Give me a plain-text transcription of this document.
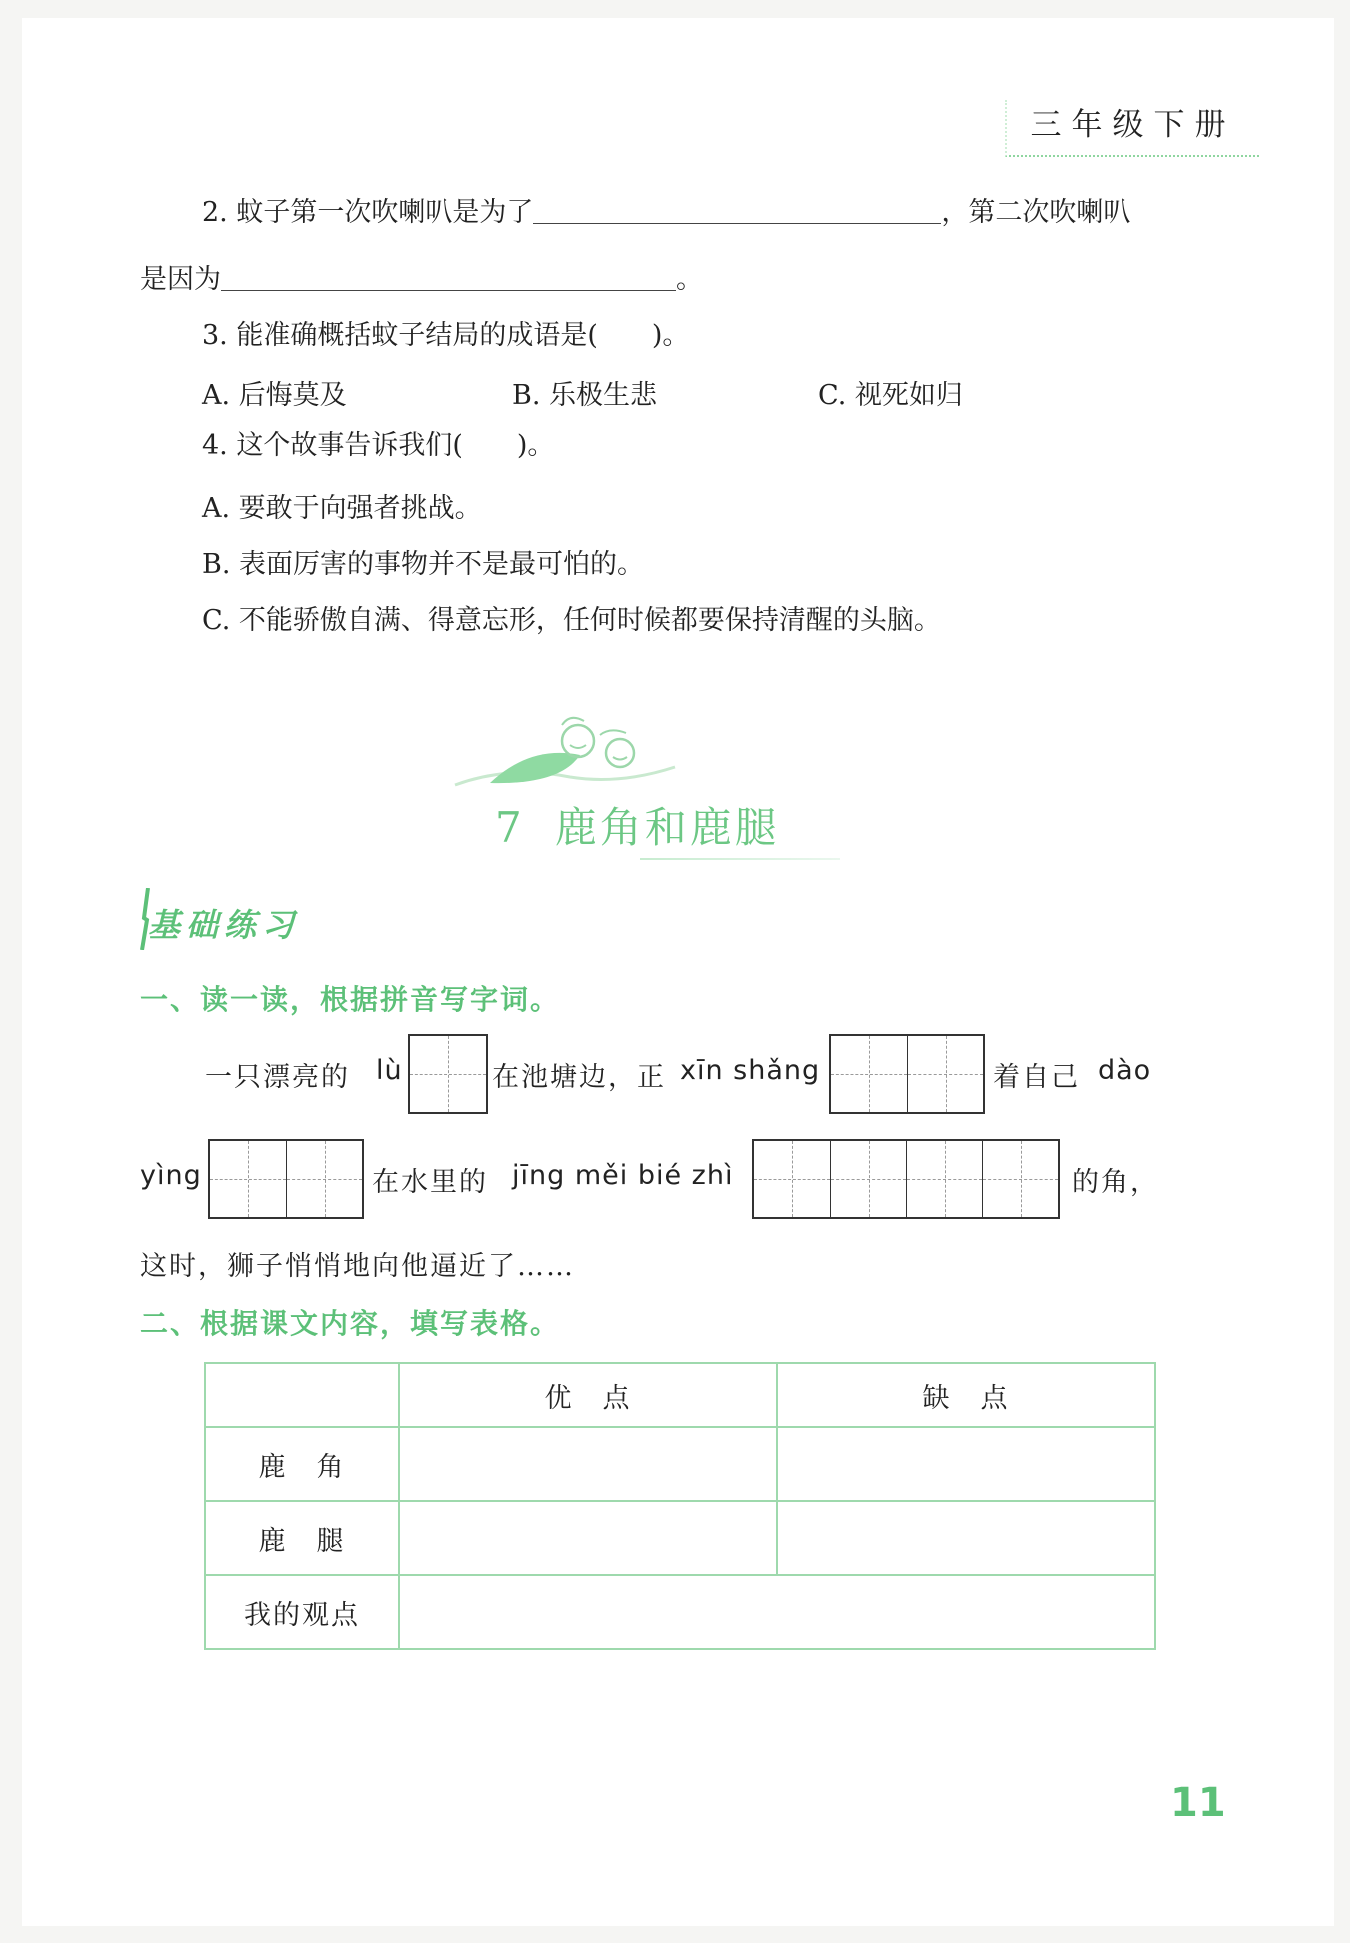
三年级下册
2. 蚊子第一次吹喇叭是为了	，第二次吹喇叭
是因为	。
3. 能准确概括蚊子结局的成语是(　　)。
A. 后悔莫及	B. 乐极生悲	C. 视死如归
4. 这个故事告诉我们(　　)。
A. 要敢于向强者挑战。
B. 表面厉害的事物并不是最可怕的。
C. 不能骄傲自满、得意忘形，任何时候都要保持清醒的头脑。
7 鹿角和鹿腿
基础练习
一、读一读，根据拼音写字词。
一只漂亮的 lù	在池塘边，正 xīn shǎng	着自己 dào
yìng	在水里的 jīng měi bié zhì	的角，
这时，狮子悄悄地向他逼近了……
二、根据课文内容，填写表格。
	优　点	缺　点
鹿　角		
鹿　腿		
我的观点		
11
